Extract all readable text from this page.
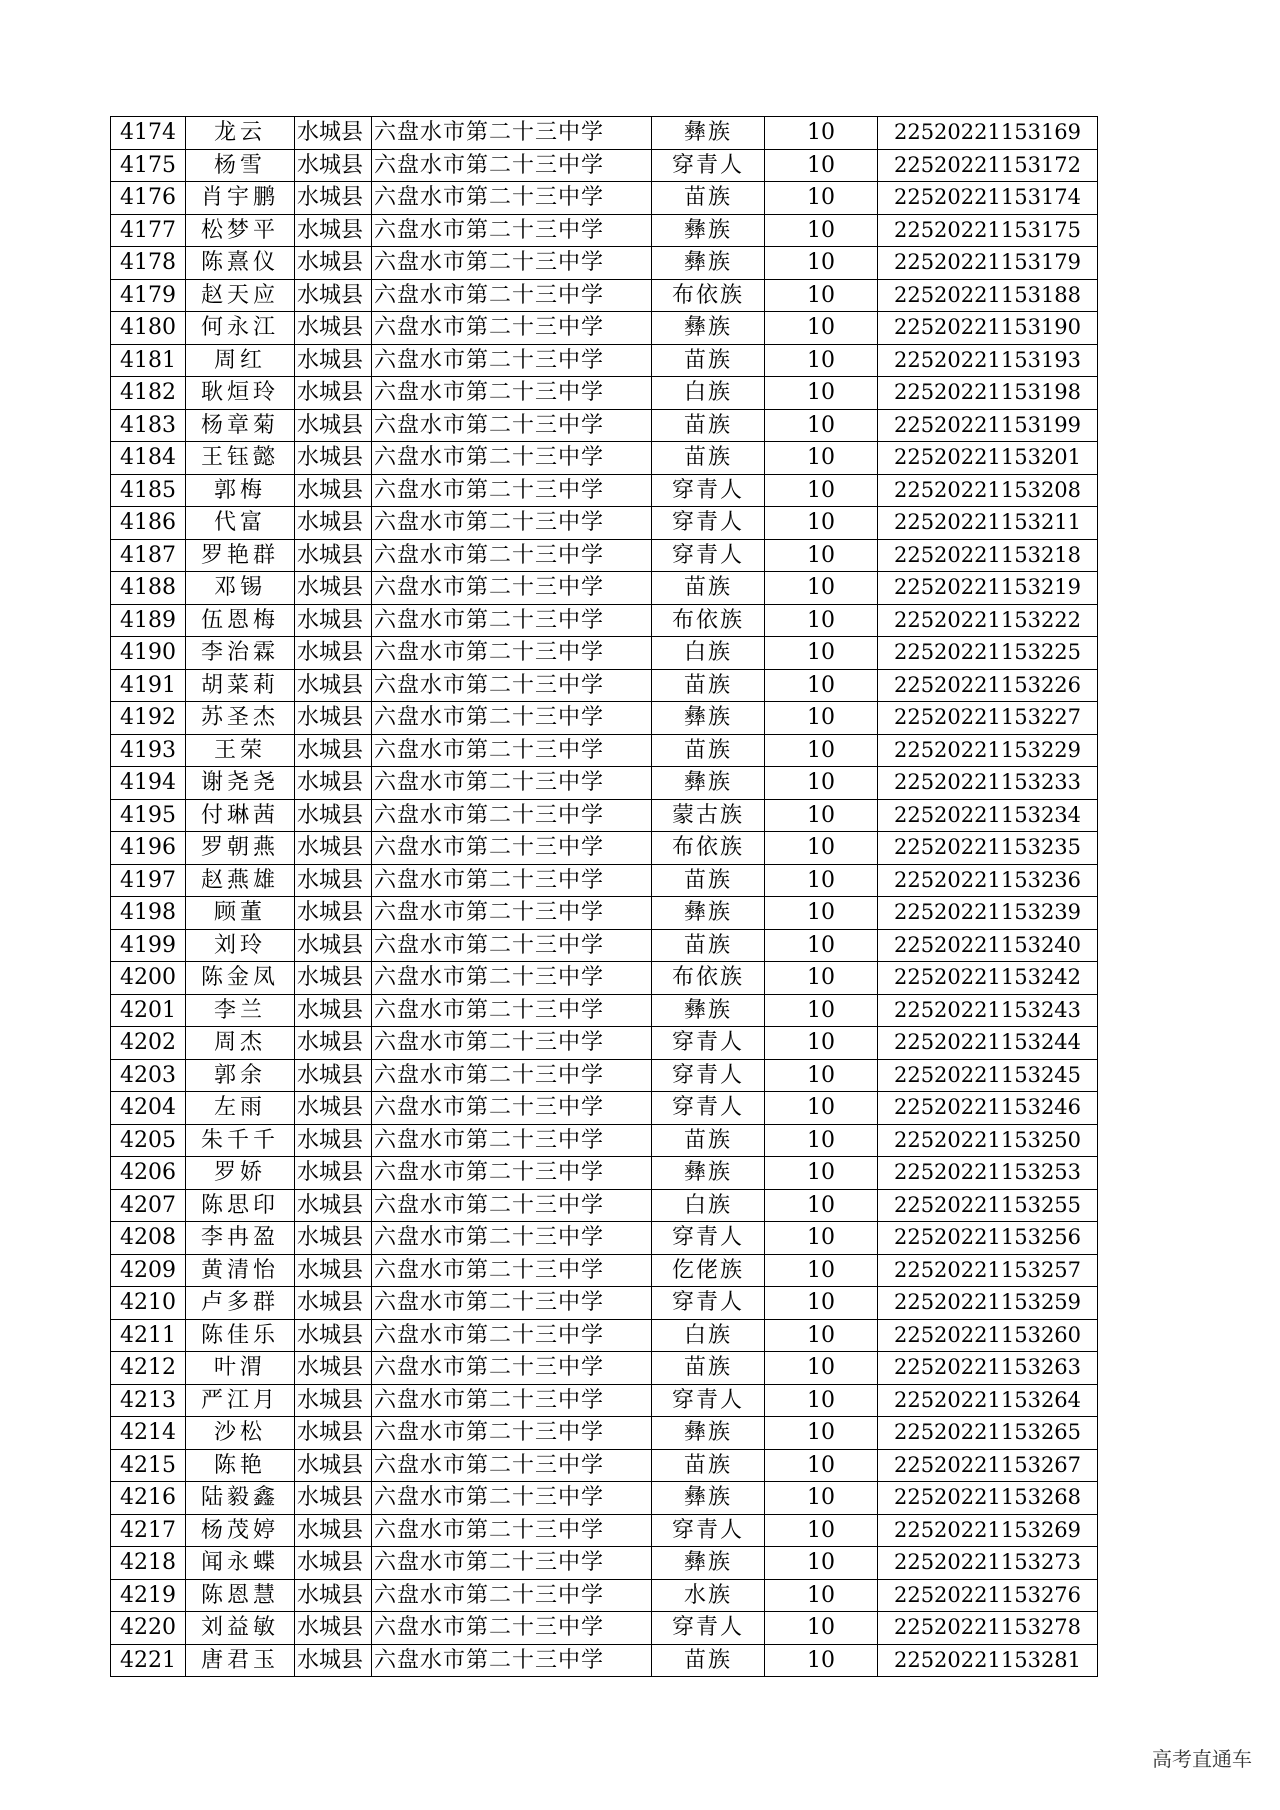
4174	龙云	水城县	六盘水市第二十三中学	彝族	10	22520221153169
4175	杨雪	水城县	六盘水市第二十三中学	穿青人	10	22520221153172
4176	肖宇鹏	水城县	六盘水市第二十三中学	苗族	10	22520221153174
4177	松梦平	水城县	六盘水市第二十三中学	彝族	10	22520221153175
4178	陈熹仪	水城县	六盘水市第二十三中学	彝族	10	22520221153179
4179	赵天应	水城县	六盘水市第二十三中学	布依族	10	22520221153188
4180	何永江	水城县	六盘水市第二十三中学	彝族	10	22520221153190
4181	周红	水城县	六盘水市第二十三中学	苗族	10	22520221153193
4182	耿烜玲	水城县	六盘水市第二十三中学	白族	10	22520221153198
4183	杨章菊	水城县	六盘水市第二十三中学	苗族	10	22520221153199
4184	王钰懿	水城县	六盘水市第二十三中学	苗族	10	22520221153201
4185	郭梅	水城县	六盘水市第二十三中学	穿青人	10	22520221153208
4186	代富	水城县	六盘水市第二十三中学	穿青人	10	22520221153211
4187	罗艳群	水城县	六盘水市第二十三中学	穿青人	10	22520221153218
4188	邓锡	水城县	六盘水市第二十三中学	苗族	10	22520221153219
4189	伍恩梅	水城县	六盘水市第二十三中学	布依族	10	22520221153222
4190	李治霖	水城县	六盘水市第二十三中学	白族	10	22520221153225
4191	胡菜莉	水城县	六盘水市第二十三中学	苗族	10	22520221153226
4192	苏圣杰	水城县	六盘水市第二十三中学	彝族	10	22520221153227
4193	王荣	水城县	六盘水市第二十三中学	苗族	10	22520221153229
4194	谢尧尧	水城县	六盘水市第二十三中学	彝族	10	22520221153233
4195	付琳茜	水城县	六盘水市第二十三中学	蒙古族	10	22520221153234
4196	罗朝燕	水城县	六盘水市第二十三中学	布依族	10	22520221153235
4197	赵燕雄	水城县	六盘水市第二十三中学	苗族	10	22520221153236
4198	顾董	水城县	六盘水市第二十三中学	彝族	10	22520221153239
4199	刘玲	水城县	六盘水市第二十三中学	苗族	10	22520221153240
4200	陈金凤	水城县	六盘水市第二十三中学	布依族	10	22520221153242
4201	李兰	水城县	六盘水市第二十三中学	彝族	10	22520221153243
4202	周杰	水城县	六盘水市第二十三中学	穿青人	10	22520221153244
4203	郭余	水城县	六盘水市第二十三中学	穿青人	10	22520221153245
4204	左雨	水城县	六盘水市第二十三中学	穿青人	10	22520221153246
4205	朱千千	水城县	六盘水市第二十三中学	苗族	10	22520221153250
4206	罗娇	水城县	六盘水市第二十三中学	彝族	10	22520221153253
4207	陈思印	水城县	六盘水市第二十三中学	白族	10	22520221153255
4208	李冉盈	水城县	六盘水市第二十三中学	穿青人	10	22520221153256
4209	黄清怡	水城县	六盘水市第二十三中学	仡佬族	10	22520221153257
4210	卢多群	水城县	六盘水市第二十三中学	穿青人	10	22520221153259
4211	陈佳乐	水城县	六盘水市第二十三中学	白族	10	22520221153260
4212	叶渭	水城县	六盘水市第二十三中学	苗族	10	22520221153263
4213	严江月	水城县	六盘水市第二十三中学	穿青人	10	22520221153264
4214	沙松	水城县	六盘水市第二十三中学	彝族	10	22520221153265
4215	陈艳	水城县	六盘水市第二十三中学	苗族	10	22520221153267
4216	陆毅鑫	水城县	六盘水市第二十三中学	彝族	10	22520221153268
4217	杨茂婷	水城县	六盘水市第二十三中学	穿青人	10	22520221153269
4218	闻永蝶	水城县	六盘水市第二十三中学	彝族	10	22520221153273
4219	陈恩慧	水城县	六盘水市第二十三中学	水族	10	22520221153276
4220	刘益敏	水城县	六盘水市第二十三中学	穿青人	10	22520221153278
4221	唐君玉	水城县	六盘水市第二十三中学	苗族	10	22520221153281
高考直通车
